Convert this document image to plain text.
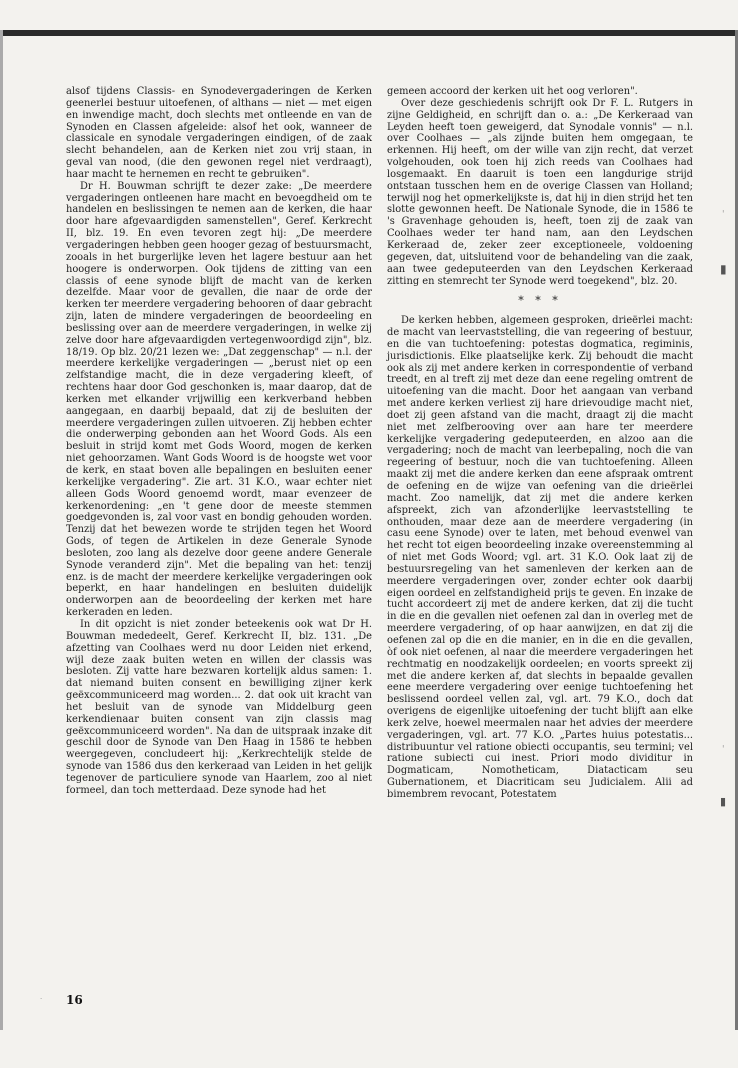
alsof tijdens Classis- en Synodevergaderingen de Kerken geenerlei bestuur uitoefenen, of althans — niet — met eigen en inwendige macht, doch slechts met ontleende en van de Synoden en Classen afgeleide: alsof het ook, wanneer de classicale en synodale vergaderingen eindigen, of de zaak slecht behandelen, aan de Kerken niet zou vrij staan, in geval van nood, (die den gewonen regel niet verdraagt), haar macht te hernemen en recht te gebruiken".

Dr H. Bouwman schrijft te dezer zake: „De meerdere vergaderingen ontleenen hare macht en bevoegdheid om te handelen en beslissingen te nemen aan de kerken, die haar door hare afgevaardigden samenstellen", Geref. Kerkrecht II, blz. 19. En even tevoren zegt hij: „De meerdere vergaderingen hebben geen hooger gezag of bestuursmacht, zooals in het burgerlijke leven het lagere bestuur aan het hoogere is onderworpen. Ook tijdens de zitting van een classis of eene synode blijft de macht van de kerken dezelfde. Maar voor de gevallen, die naar de orde der kerken ter meerdere vergadering behooren of daar gebracht zijn, laten de mindere vergaderingen de beoordeeling en beslissing over aan de meerdere vergaderingen, in welke zij zelve door hare afgevaardigden vertegenwoordigd zijn", blz. 18/19. Op blz. 20/21 lezen we: „Dat zeggenschap" — n.l. der meerdere kerkelijke vergaderingen — „berust niet op een zelfstandige macht, die in deze vergadering kleeft, of rechtens haar door God geschonken is, maar daarop, dat de kerken met elkander vrijwillig een kerkverband hebben aangegaan, en daarbij bepaald, dat zij de besluiten der meerdere vergaderingen zullen uitvoeren. Zij hebben echter die onderwerping gebonden aan het Woord Gods. Als een besluit in strijd komt met Gods Woord, mogen de kerken niet gehoorzamen. Want Gods Woord is de hoogste wet voor de kerk, en staat boven alle bepalingen en besluiten eener kerkelijke vergadering". Zie art. 31 K.O., waar echter niet alleen Gods Woord genoemd wordt, maar evenzeer de kerkenordening: „en 't gene door de meeste stemmen goedgevonden is, zal voor vast en bondig gehouden worden. Tenzij dat het bewezen worde te strijden tegen het Woord Gods, of tegen de Artikelen in deze Generale Synode besloten, zoo lang als dezelve door geene andere Generale Synode veranderd zijn". Met die bepaling van het: tenzij enz. is de macht der meerdere kerkelijke vergaderingen ook beperkt, en haar handelingen en besluiten duidelijk onderworpen aan de beoordeeling der kerken met hare kerkeraden en leden.

In dit opzicht is niet zonder beteekenis ook wat Dr H. Bouwman mededeelt, Geref. Kerkrecht II, blz. 131. „De afzetting van Coolhaes werd nu door Leiden niet erkend, wijl deze zaak buiten weten en willen der classis was besloten. Zij vatte hare bezwaren kortelijk aldus samen: 1. dat niemand buiten consent en bewilliging zijner kerk geëxcommuniceerd mag worden... 2. dat ook uit kracht van het besluit van de synode van Middelburg geen kerkendienaar buiten consent van zijn classis mag geëxcommuniceerd worden". Na dan de uitspraak inzake dit geschil door de Synode van Den Haag in 1586 te hebben weergegeven, concludeert hij: „Kerkrechtelijk stelde de synode van 1586 dus den kerkeraad van Leiden in het gelijk tegenover de particuliere synode van Haarlem, zoo al niet formeel, dan toch metterdaad. Deze synode had het

gemeen accoord der kerken uit het oog verloren".

Over deze geschiedenis schrijft ook Dr F. L. Rutgers in zijne Geldigheid, en schrijft dan o. a.: „De Kerkeraad van Leyden heeft toen geweigerd, dat Synodale vonnis" — n.l. over Coolhaes — „als zijnde buiten hem omgegaan, te erkennen. Hij heeft, om der wille van zijn recht, dat verzet volgehouden, ook toen hij zich reeds van Coolhaes had losgemaakt. En daaruit is toen een langdurige strijd ontstaan tusschen hem en de overige Classen van Holland; terwijl nog het opmerkelijkste is, dat hij in dien strijd het ten slotte gewonnen heeft. De Nationale Synode, die in 1586 te 's Gravenhage gehouden is, heeft, toen zij de zaak van Coolhaes weder ter hand nam, aan den Leydschen Kerkeraad de, zeker zeer exceptioneele, voldoening gegeven, dat, uitsluitend voor de behandeling van die zaak, aan twee gedeputeerden van den Leydschen Kerkeraad zitting en stemrecht ter Synode werd toegekend", blz. 20.

* * *

De kerken hebben, algemeen gesproken, drieërlei macht: de macht van leervaststelling, die van regeering of bestuur, en die van tuchtoefening: potestas dogmatica, regiminis, jurisdictionis. Elke plaatselijke kerk. Zij behoudt die macht ook als zij met andere kerken in correspondentie of verband treedt, en al treft zij met deze dan eene regeling omtrent de uitoefening van die macht. Door het aangaan van verband met andere kerken verliest zij hare drievoudige macht niet, doet zij geen afstand van die macht, draagt zij die macht niet met zelfberooving over aan hare ter meerdere kerkelijke vergadering gedeputeerden, en alzoo aan die vergadering; noch de macht van leerbepaling, noch die van regeering of bestuur, noch die van tuchtoefening. Alleen maakt zij met die andere kerken dan eene afspraak omtrent de oefening en de wijze van oefening van die drieërlei macht. Zoo namelijk, dat zij met die andere kerken afspreekt, zich van afzonderlijke leervaststelling te onthouden, maar deze aan de meerdere vergadering (in casu eene Synode) over te laten, met behoud evenwel van het recht tot eigen beoordeeling inzake overeenstemming al of niet met Gods Woord; vgl. art. 31 K.O. Ook laat zij de bestuursregeling van het samenleven der kerken aan de meerdere vergaderingen over, zonder echter ook daarbij eigen oordeel en zelfstandigheid prijs te geven. En inzake de tucht accordeert zij met de andere kerken, dat zij die tucht in die en die gevallen niet oefenen zal dan in overleg met de meerdere vergadering, of op haar aanwijzen, en dat zij die oefenen zal op die en die manier, en in die en die gevallen, òf ook niet oefenen, al naar die meerdere vergaderingen het rechtmatig en noodzakelijk oordeelen; en voorts spreekt zij met die andere kerken af, dat slechts in bepaalde gevallen eene meerdere vergadering over eenige tuchtoefening het beslissend oordeel vellen zal, vgl. art. 79 K.O., doch dat overigens de eigenlijke uitoefening der tucht blijft aan elke kerk zelve, hoewel meermalen naar het advies der meerdere vergaderingen, vgl. art. 77 K.O. „Partes huius potestatis... distribuuntur vel ratione obiecti occupantis, seu termini; vel ratione subiecti cui inest. Priori modo dividitur in Dogmaticam, Nomotheticam, Diatacticam seu Gubernationem, et Diacriticam seu Judicialem. Alii ad bimembrem revocant, Potestatem

16
'
▮
'
▮
·
